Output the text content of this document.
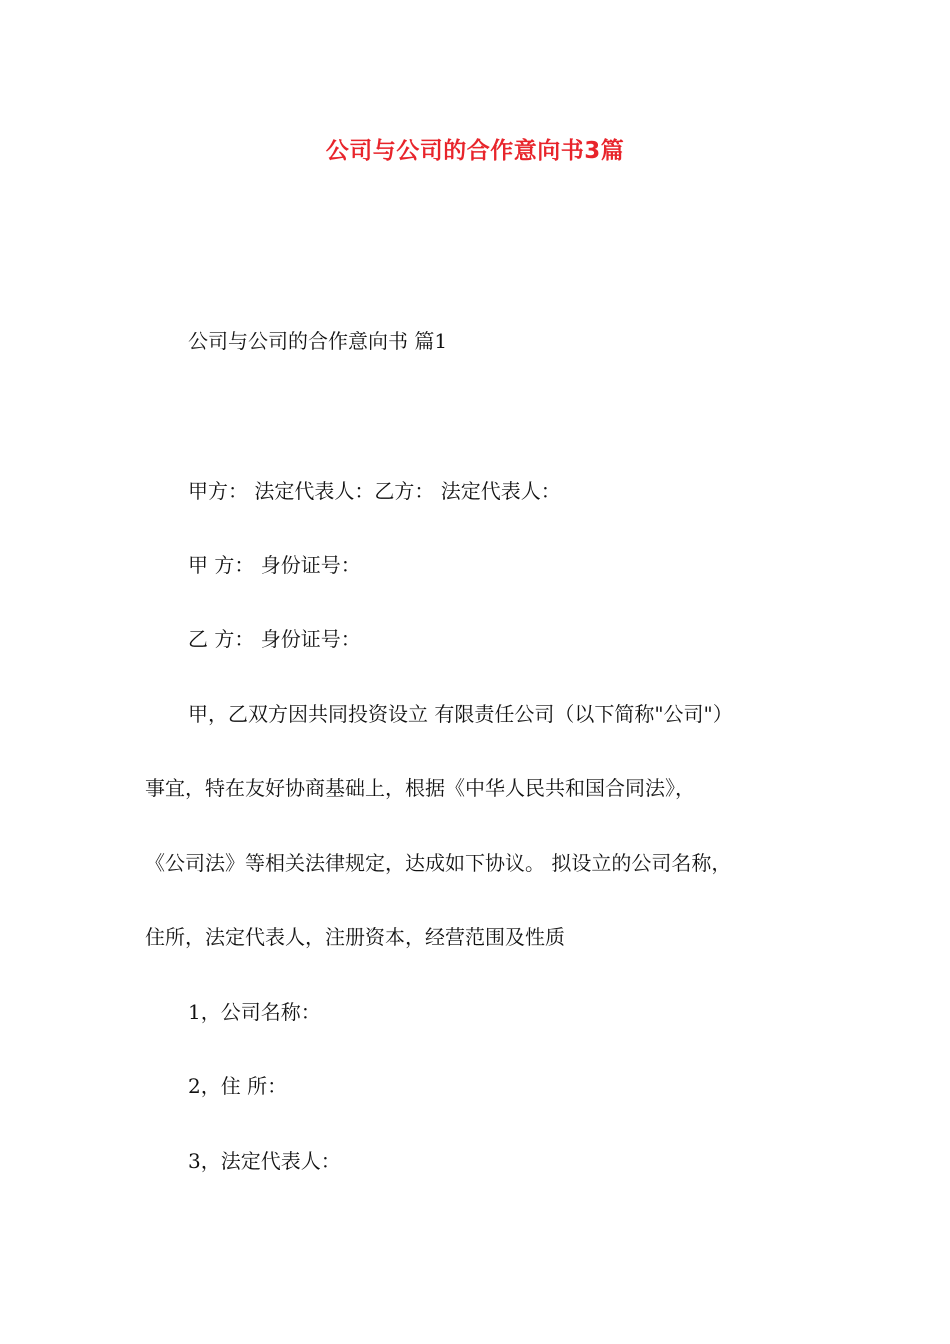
公司与公司的合作意向书3篇
公司与公司的合作意向书 篇1
甲方： 法定代表人：乙方： 法定代表人：
甲 方： 身份证号：
乙 方： 身份证号：
甲，乙双方因共同投资设立 有限责任公司（以下简称"公司"）
事宜，特在友好协商基础上，根据《中华人民共和国合同法》，
《公司法》等相关法律规定，达成如下协议。 拟设立的公司名称，
住所，法定代表人，注册资本，经营范围及性质
1，公司名称：
2，住 所：
3，法定代表人：
